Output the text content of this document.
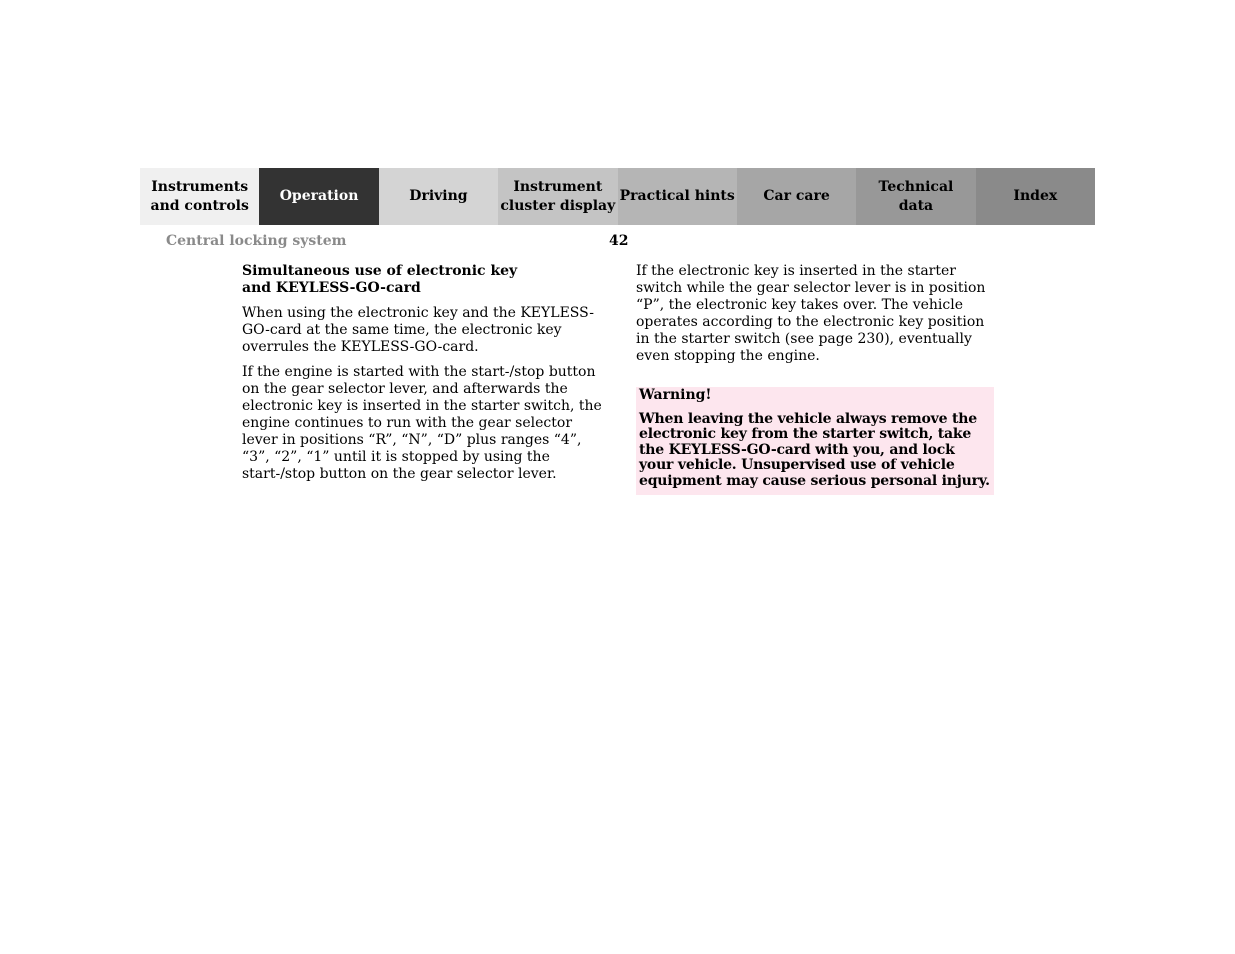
Instruments
and controls
Operation	Driving
Instrument
cluster display
Practical hints	Car care
Technical
data
Index
Central locking system	42
Simultaneous use of electronic key and KEYLESS-GO-card
When using the electronic key and the KEYLESS-GO-card at the same time, the electronic key overrules the KEYLESS-GO-card.
If the engine is started with the start-/stop button on the gear selector lever, and afterwards the electronic key is inserted in the starter switch, the engine continues to run with the gear selector lever in positions “R”, “N”, “D” plus ranges “4”, “3”, “2”, “1” until it is stopped by using the start-/stop button on the gear selector lever.
If the electronic key is inserted in the starter switch while the gear selector lever is in position “P”, the electronic key takes over. The vehicle operates according to the electronic key position in the starter switch (see page 230), eventually even stopping the engine.
Warning!
When leaving the vehicle always remove the electronic key from the starter switch, take the KEYLESS-GO-card with you, and lock your vehicle. Unsupervised use of vehicle equipment may cause serious personal injury.
